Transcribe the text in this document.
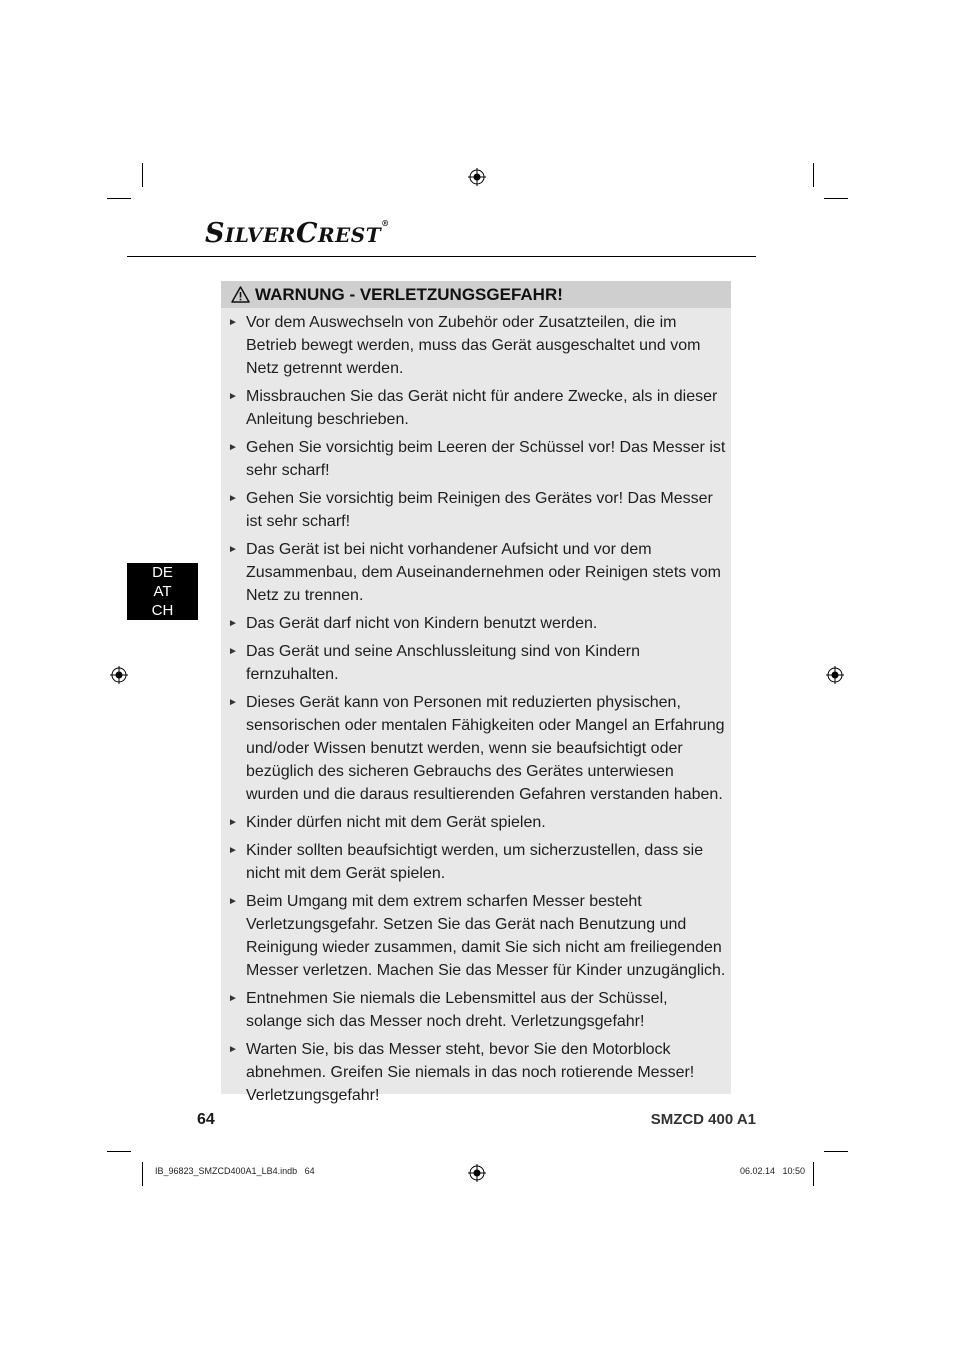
SILVERCREST®
DE
AT
CH
WARNUNG - VERLETZUNGSGEFAHR!
► Vor dem Auswechseln von Zubehör oder Zusatzteilen, die im Betrieb bewegt werden, muss das Gerät ausgeschaltet und vom Netz getrennt werden.
► Missbrauchen Sie das Gerät nicht für andere Zwecke, als in dieser Anleitung beschrieben.
► Gehen Sie vorsichtig beim Leeren der Schüssel vor! Das Messer ist sehr scharf!
► Gehen Sie vorsichtig beim Reinigen des Gerätes vor! Das Messer ist sehr scharf!
► Das Gerät ist bei nicht vorhandener Aufsicht und vor dem Zusammenbau, dem Auseinandernehmen oder Reinigen stets vom Netz zu trennen.
► Das Gerät darf nicht von Kindern benutzt werden.
► Das Gerät und seine Anschlussleitung sind von Kindern fernzuhalten.
► Dieses Gerät kann von Personen mit reduzierten physischen, sensorischen oder mentalen Fähigkeiten oder Mangel an Erfahrung und/oder Wissen benutzt werden, wenn sie beaufsichtigt oder bezüglich des sicheren Gebrauchs des Gerätes unterwiesen wurden und die daraus resultierenden Gefahren verstanden haben.
► Kinder dürfen nicht mit dem Gerät spielen.
► Kinder sollten beaufsichtigt werden, um sicherzustellen, dass sie nicht mit dem Gerät spielen.
► Beim Umgang mit dem extrem scharfen Messer besteht Verletzungsgefahr. Setzen Sie das Gerät nach Benutzung und Reinigung wieder zusammen, damit Sie sich nicht am freiliegenden Messer verletzen. Machen Sie das Messer für Kinder unzugänglich.
► Entnehmen Sie niemals die Lebensmittel aus der Schüssel, solange sich das Messer noch dreht. Verletzungsgefahr!
► Warten Sie, bis das Messer steht, bevor Sie den Motorblock abnehmen. Greifen Sie niemals in das noch rotierende Messer! Verletzungsgefahr!
64	SMZCD 400 A1
IB_96823_SMZCD400A1_LB4.indb   64	06.02.14   10:50
